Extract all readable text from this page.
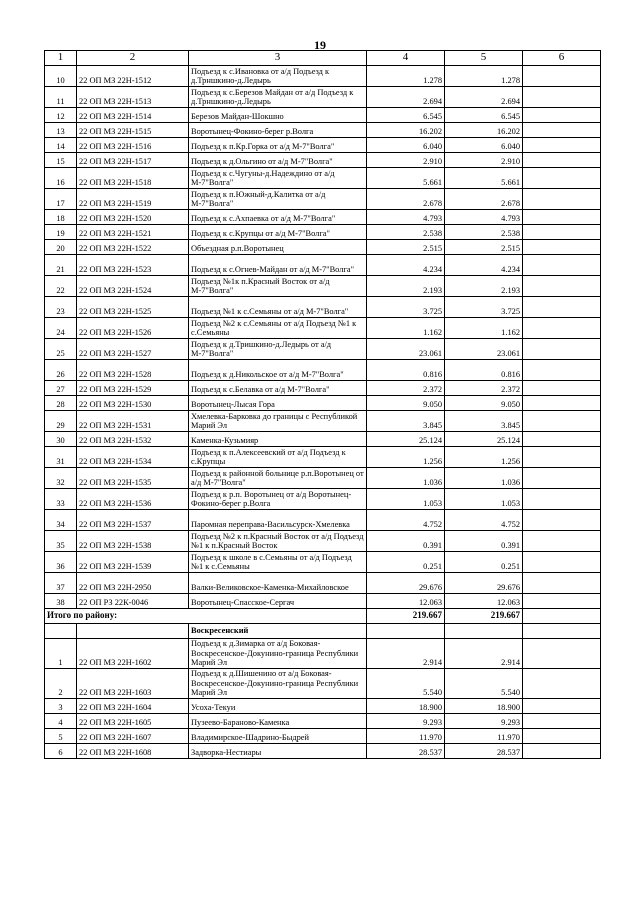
19
1	2	3	4	5	6
10	22 ОП МЗ 22Н-1512	Подъезд к с.Ивановка от а/д Подъезд к д.Трншкино-д.Ледырь	1.278	1.278	
11	22 ОП МЗ 22Н-1513	Подъезд к с.Березов Майдан от а/д Подъезд к д.Трншкино-д.Ледырь	2.694	2.694	
12	22 ОП МЗ 22Н-1514	Березов Майдан-Шокшно	6.545	6.545	
13	22 ОП МЗ 22Н-1515	Воротынец-Фокино-берег р.Волга	16.202	16.202	
14	22 ОП МЗ 22Н-1516	Подъезд к п.Кр.Горка от а/д М-7"Волга"	6.040	6.040	
15	22 ОП МЗ 22Н-1517	Подъезд к д.Ольгино от а/д М-7"Волга"	2.910	2.910	
16	22 ОП МЗ 22Н-1518	Подъезд к с.Чугуны-д.Надеждино от а/д М-7"Волга"	5.661	5.661	
17	22 ОП МЗ 22Н-1519	Подъезд к п.Южный-д.Калитка от а/д М-7"Волга"	2.678	2.678	
18	22 ОП МЗ 22Н-1520	Подъезд к с.Ахпаевка от а/д М-7"Волга"	4.793	4.793	
19	22 ОП МЗ 22Н-1521	Подъезд к с.Крупцы от а/д М-7"Волга"	2.538	2.538	
20	22 ОП МЗ 22Н-1522	Объездная р.п.Воротынец	2.515	2.515	
21	22 ОП МЗ 22Н-1523	Подъезд к с.Огнев-Майдан от а/д М-7"Волга"	4.234	4.234	
22	22 ОП МЗ 22Н-1524	Подъезд №1к п.Красный Восток от а/д М-7"Волга"	2.193	2.193	
23	22 ОП МЗ 22Н-1525	Подъезд №1 к с.Семьяны от а/д М-7"Волга"	3.725	3.725	
24	22 ОП МЗ 22Н-1526	Подъезд №2 к с.Семьяны от а/д Подъезд №1 к с.Семьяны	1.162	1.162	
25	22 ОП МЗ 22Н-1527	Подъезд к д.Тришкино-д.Ледырь от а/д М-7"Волга"	23.061	23.061	
26	22 ОП МЗ 22Н-1528	Подъезд к д.Никольское от а/д М-7"Волга"	0.816	0.816	
27	22 ОП МЗ 22Н-1529	Подъезд к с.Белавка от а/д М-7"Волга"	2.372	2.372	
28	22 ОП МЗ 22Н-1530	Воротынец-Лысая Гора	9.050	9.050	
29	22 ОП МЗ 22Н-1531	Хмелевка-Барковка до границы с Республикой Марий Эл	3.845	3.845	
30	22 ОП МЗ 22Н-1532	Каменка-Кузьмияр	25.124	25.124	
31	22 ОП МЗ 22Н-1534	Подъезд к п.Алексеевский от а/д Подъезд к с.Крупцы	1.256	1.256	
32	22 ОП МЗ 22Н-1535	Подъезд к районной больнице р.п.Воротынец от а/д М-7"Волга"	1.036	1.036	
33	22 ОП МЗ 22Н-1536	Подъезд к р.п. Воротынец от а/д Воротынец-Фокино-берег р.Волга	1.053	1.053	
34	22 ОП МЗ 22Н-1537	Паромная переправа-Васильсурск-Хмелевка	4.752	4.752	
35	22 ОП МЗ 22Н-1538	Подъезд №2 к п.Красный Восток от а/д Подъезд №1 к п.Красный Восток	0.391	0.391	
36	22 ОП МЗ 22Н-1539	Подъезд к школе в с.Семьяны от а/д Подъезд №1 к с.Семьяны	0.251	0.251	
37	22 ОП МЗ 22Н-2950	Валки-Великовское-Каменка-Михайловское	29.676	29.676	
38	22 ОП РЗ 22К-0046	Воротынец-Спасское-Сергач	12.063	12.063	
Итого по району:			219.667	219.667	
		Воскресенский			
1	22 ОП МЗ 22Н-1602	Подъезд к д.Зимарка от а/д Боковая-Воскресенское-Докунино-граница Республики Марий Эл	2.914	2.914	
2	22 ОП МЗ 22Н-1603	Подъезд к д.Шишенино от а/д Боковая-Воскресенское-Докунино-граница Республики Марий Эл	5.540	5.540	
3	22 ОП МЗ 22Н-1604	Усоха-Текуи	18.900	18.900	
4	22 ОП МЗ 22Н-1605	Пузеево-Бараново-Каменка	9.293	9.293	
5	22 ОП МЗ 22Н-1607	Владимирское-Шадрино-Быдрей	11.970	11.970	
6	22 ОП МЗ 22Н-1608	Задворка-Нестиары	28.537	28.537	
